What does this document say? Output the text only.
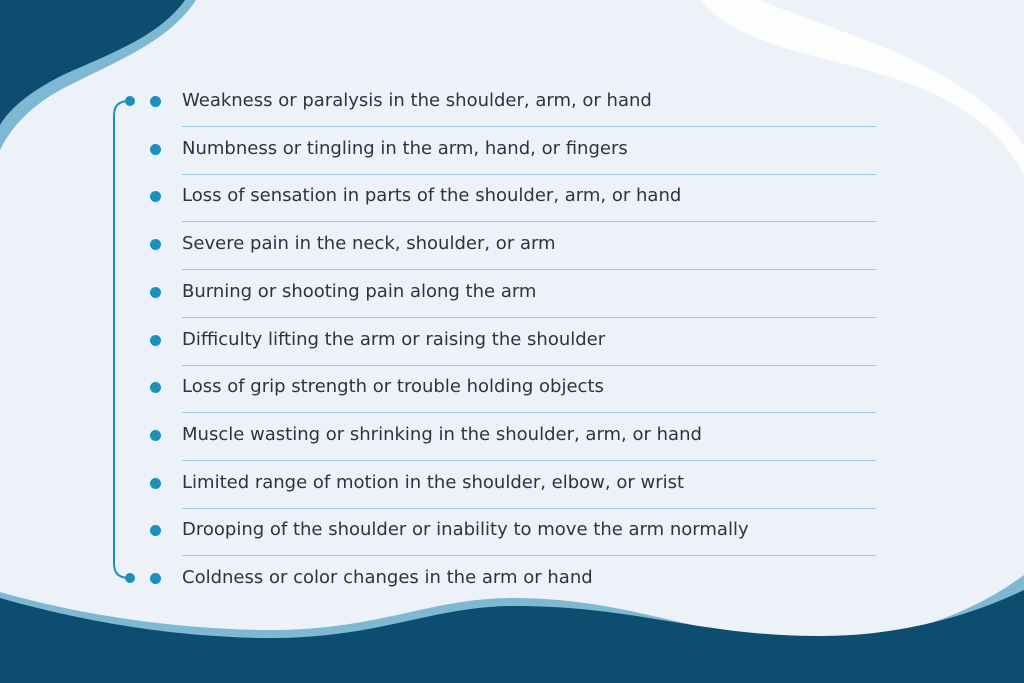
Weakness or paralysis in the shoulder, arm, or hand
Numbness or tingling in the arm, hand, or fingers
Loss of sensation in parts of the shoulder, arm, or hand
Severe pain in the neck, shoulder, or arm
Burning or shooting pain along the arm
Difficulty lifting the arm or raising the shoulder
Loss of grip strength or trouble holding objects
Muscle wasting or shrinking in the shoulder, arm, or hand
Limited range of motion in the shoulder, elbow, or wrist
Drooping of the shoulder or inability to move the arm normally
Coldness or color changes in the arm or hand
